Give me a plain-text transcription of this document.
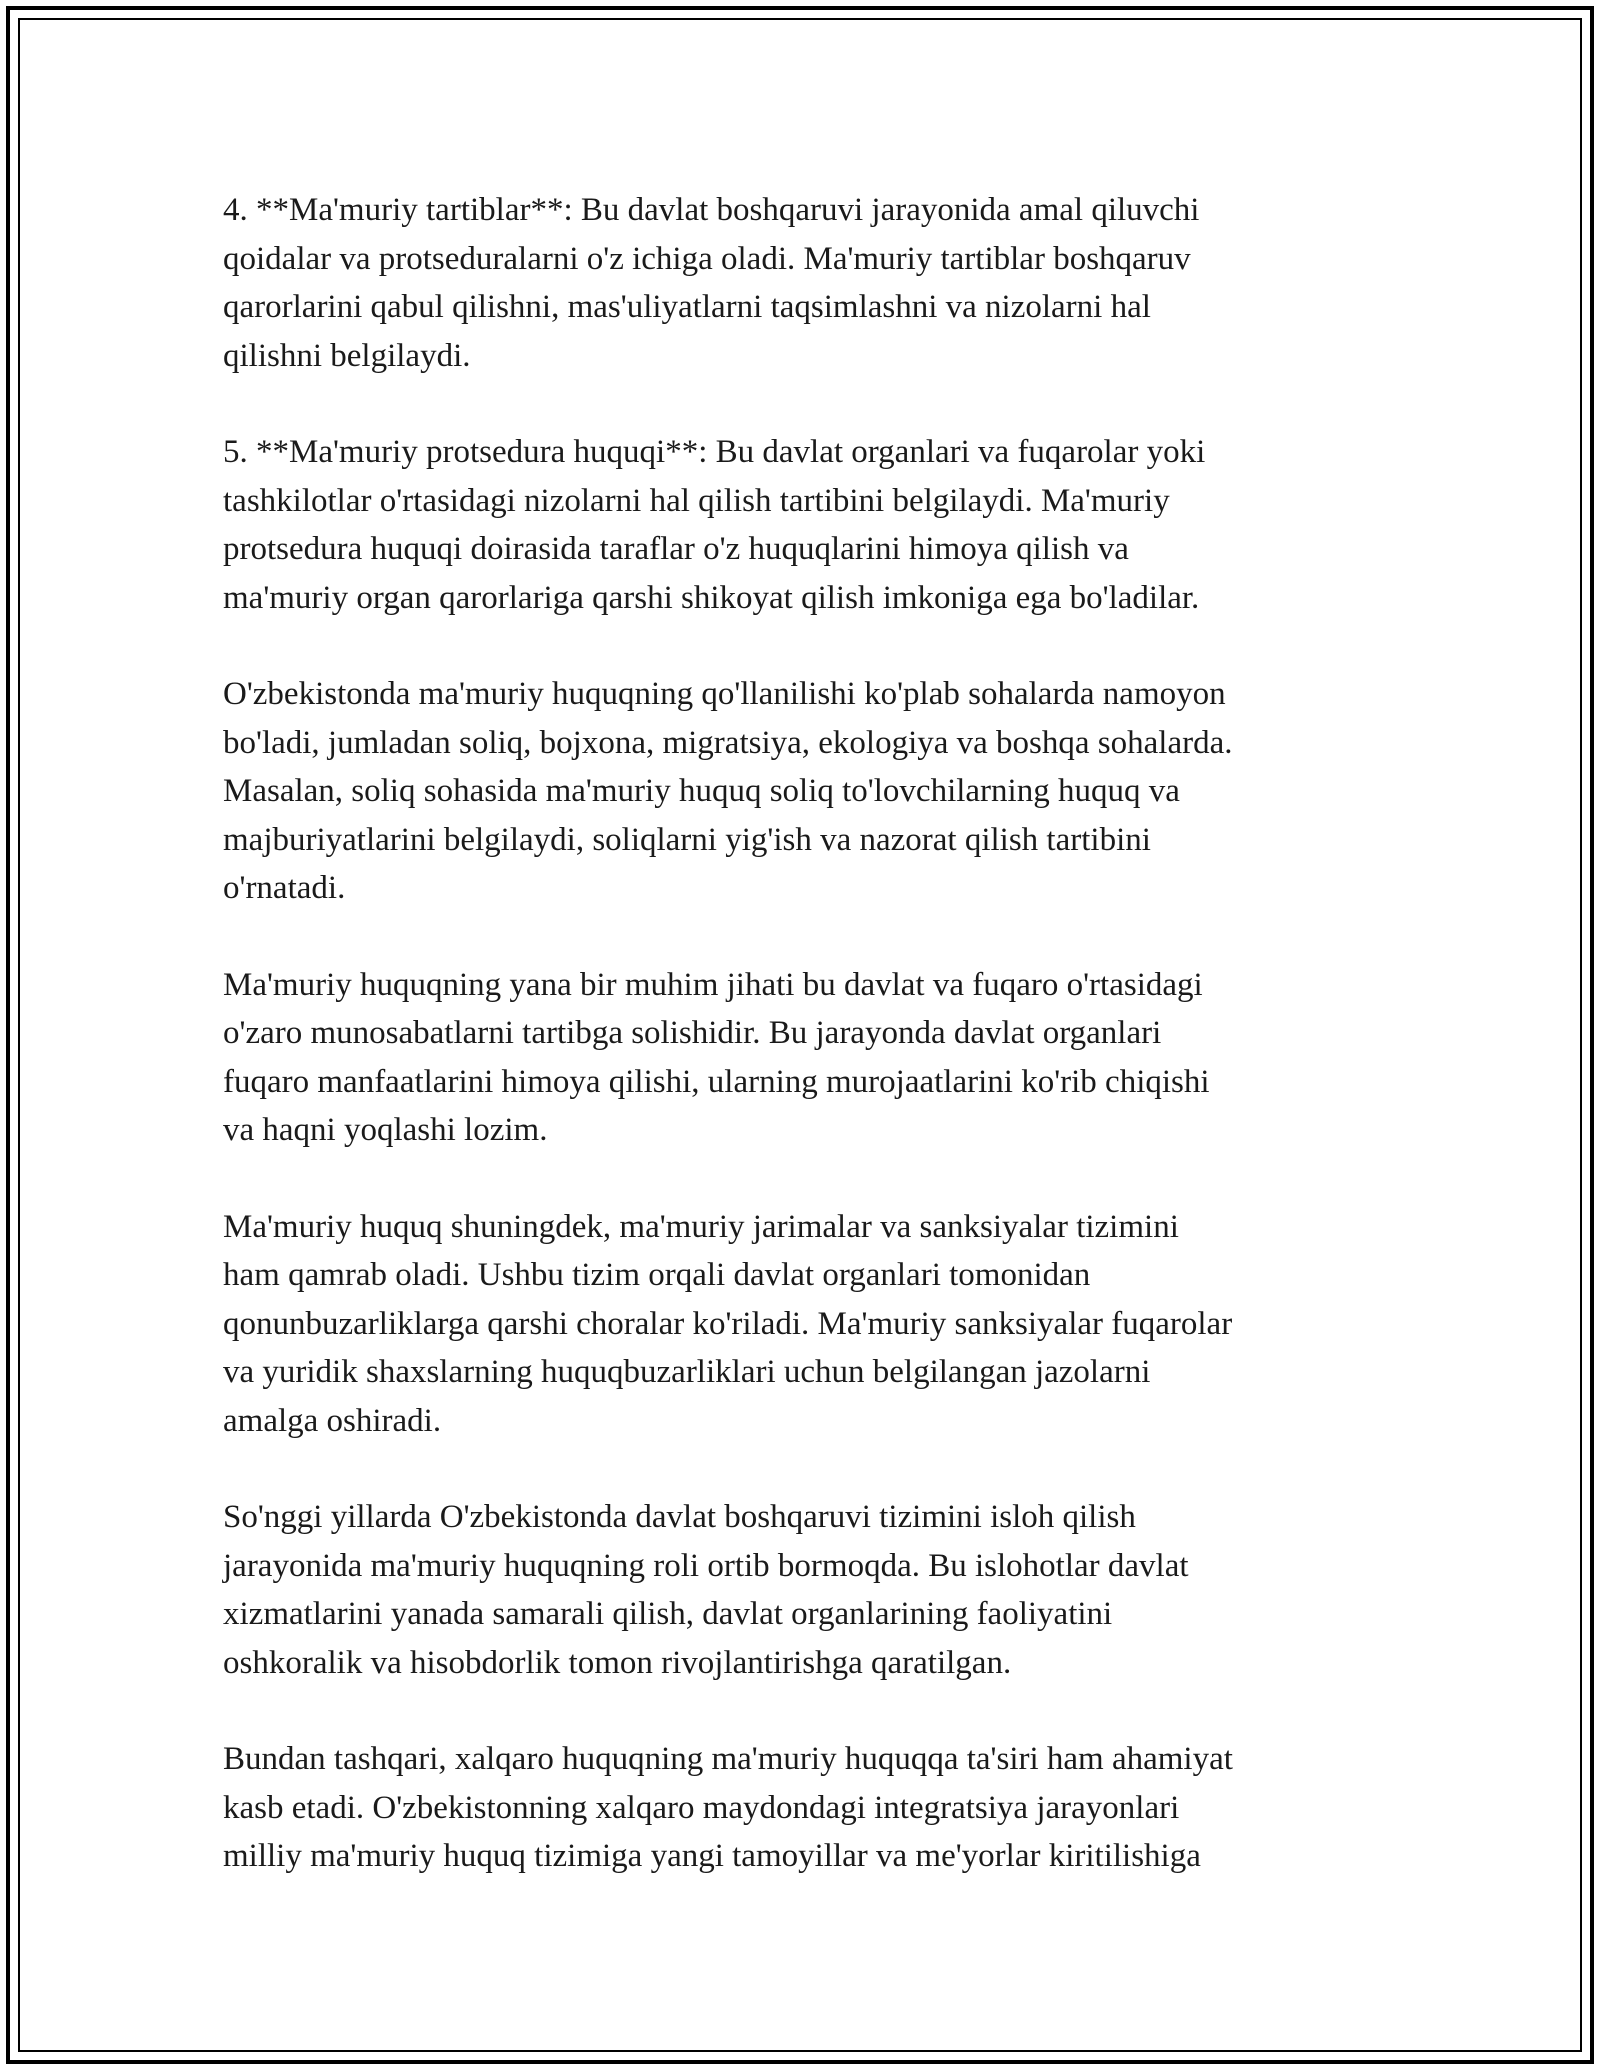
4. **Ma'muriy tartiblar**: Bu davlat boshqaruvi jarayonida amal qiluvchi
qoidalar va protseduralarni o'z ichiga oladi. Ma'muriy tartiblar boshqaruv
qarorlarini qabul qilishni, mas'uliyatlarni taqsimlashni va nizolarni hal
qilishni belgilaydi.

5. **Ma'muriy protsedura huquqi**: Bu davlat organlari va fuqarolar yoki
tashkilotlar o'rtasidagi nizolarni hal qilish tartibini belgilaydi. Ma'muriy
protsedura huquqi doirasida taraflar o'z huquqlarini himoya qilish va
ma'muriy organ qarorlariga qarshi shikoyat qilish imkoniga ega bo'ladilar.

O'zbekistonda ma'muriy huquqning qo'llanilishi ko'plab sohalarda namoyon
bo'ladi, jumladan soliq, bojxona, migratsiya, ekologiya va boshqa sohalarda.
Masalan, soliq sohasida ma'muriy huquq soliq to'lovchilarning huquq va
majburiyatlarini belgilaydi, soliqlarni yig'ish va nazorat qilish tartibini
o'rnatadi.

Ma'muriy huquqning yana bir muhim jihati bu davlat va fuqaro o'rtasidagi
o'zaro munosabatlarni tartibga solishidir. Bu jarayonda davlat organlari
fuqaro manfaatlarini himoya qilishi, ularning murojaatlarini ko'rib chiqishi
va haqni yoqlashi lozim.

Ma'muriy huquq shuningdek, ma'muriy jarimalar va sanksiyalar tizimini
ham qamrab oladi. Ushbu tizim orqali davlat organlari tomonidan
qonunbuzarliklarga qarshi choralar ko'riladi. Ma'muriy sanksiyalar fuqarolar
va yuridik shaxslarning huquqbuzarliklari uchun belgilangan jazolarni
amalga oshiradi.

So'nggi yillarda O'zbekistonda davlat boshqaruvi tizimini isloh qilish
jarayonida ma'muriy huquqning roli ortib bormoqda. Bu islohotlar davlat
xizmatlarini yanada samarali qilish, davlat organlarining faoliyatini
oshkoralik va hisobdorlik tomon rivojlantirishga qaratilgan.

Bundan tashqari, xalqaro huquqning ma'muriy huquqqa ta'siri ham ahamiyat
kasb etadi. O'zbekistonning xalqaro maydondagi integratsiya jarayonlari
milliy ma'muriy huquq tizimiga yangi tamoyillar va me'yorlar kiritilishiga
